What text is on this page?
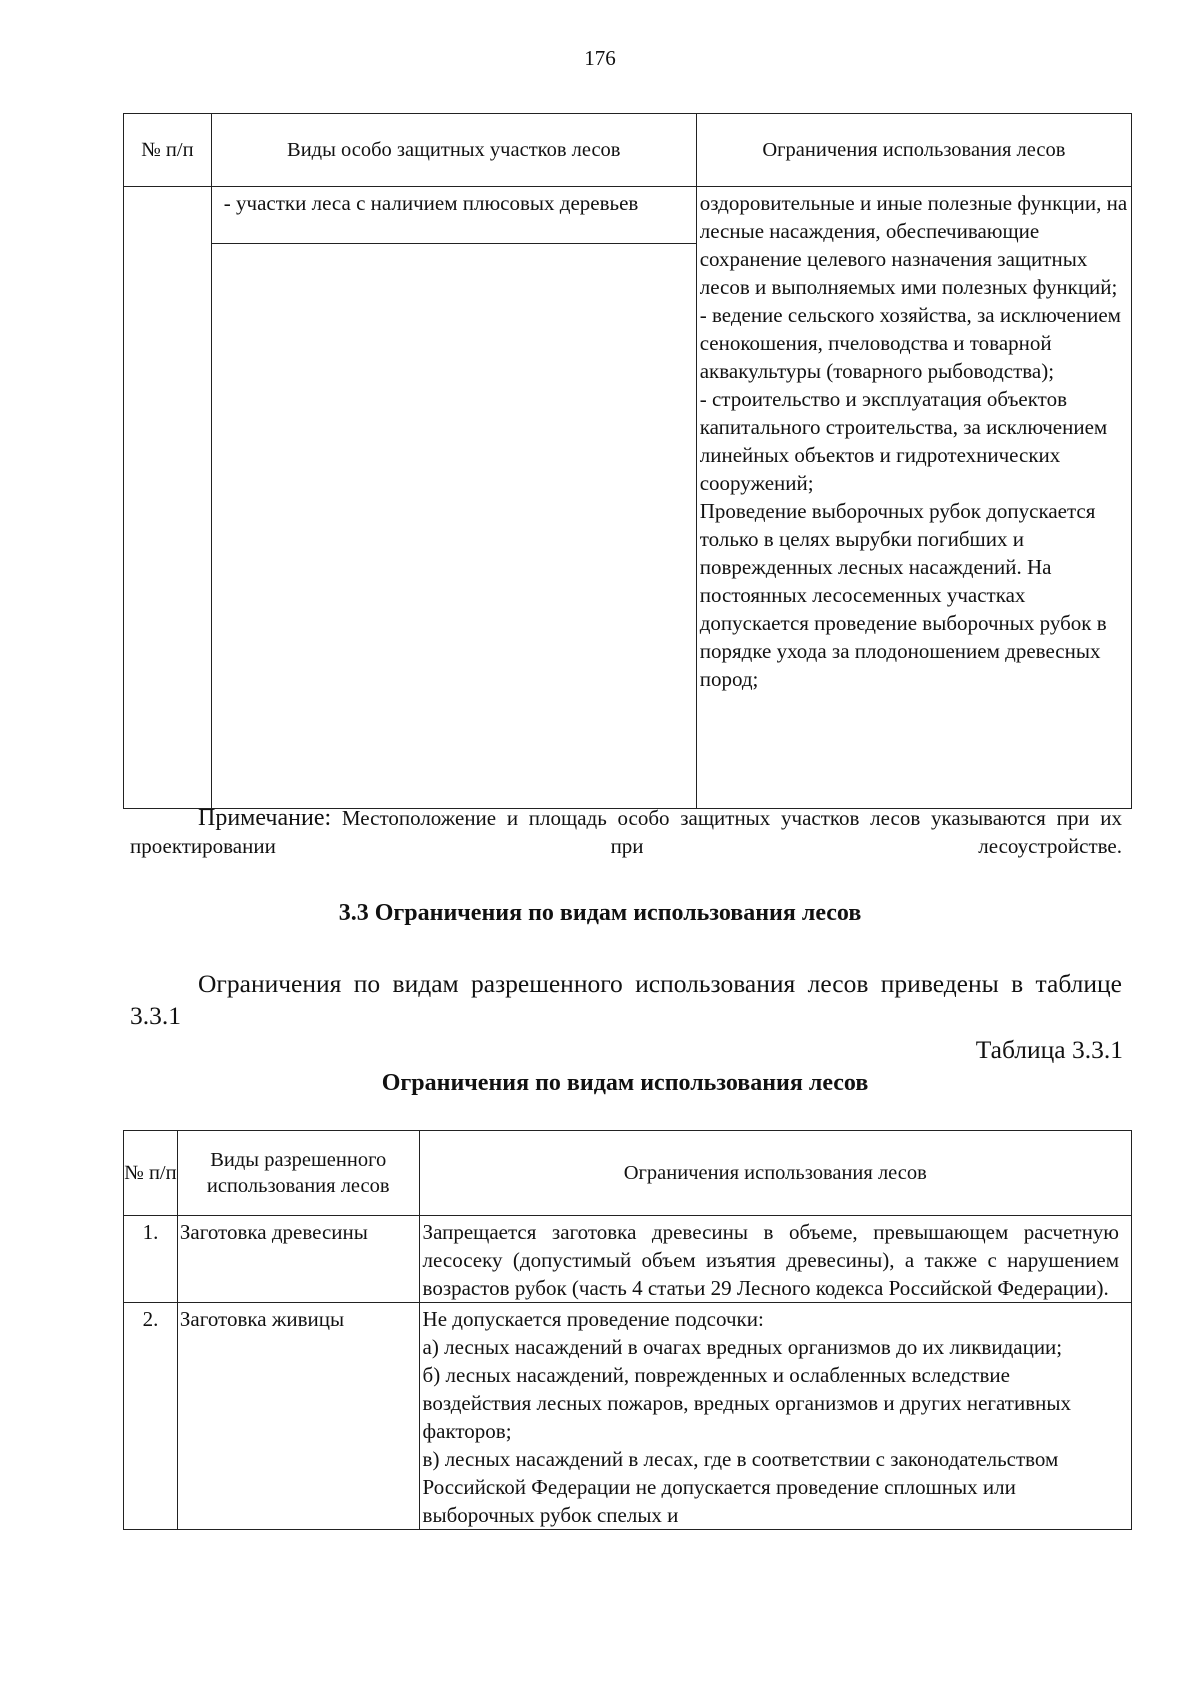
176
№ п/п	Виды особо защитных участков лесов	Ограничения использования лесов

	- участки леса с наличием плюсовых деревьев	оздоровительные и иные полезные функции, на лесные насаждения, обеспечивающие сохранение целевого назначения защитных лесов и выполняемых ими полезных функций;
- ведение сельского хозяйства, за исключением сенокошения, пчеловодства и товарной аквакультуры (товарного рыбоводства);
- строительство и эксплуатация объектов капитального строительства, за исключением линейных объектов и гидротехнических сооружений;
Проведение выборочных рубок допускается только в целях вырубки погибших и поврежденных лесных насаждений. На постоянных лесосеменных участках допускается проведение выборочных рубок в порядке ухода за плодоношением древесных пород;
Примечание: Местоположение и площадь особо защитных участков лесов указываются при их проектировании при лесоустройстве.
3.3 Ограничения по видам использования лесов
Ограничения по видам разрешенного использования лесов приведены в таблице 3.3.1
Таблица 3.3.1
Ограничения по видам использования лесов
№ п/п	Виды разрешенного использования лесов	Ограничения использования лесов
1.	Заготовка древесины	Запрещается заготовка древесины в объеме, превышающем расчетную лесосеку (допустимый объем изъятия древесины), а также с нарушением возрастов рубок (часть 4 статьи 29 Лесного кодекса Российской Федерации).
2.	Заготовка живицы	Не допускается проведение подсочки:
а) лесных насаждений в очагах вредных организмов до их ликвидации;
б) лесных насаждений, поврежденных и ослабленных вследствие воздействия лесных пожаров, вредных организмов и других негативных факторов;
в) лесных насаждений в лесах, где в соответствии с законодательством Российской Федерации не допускается проведение сплошных или выборочных рубок спелых и
